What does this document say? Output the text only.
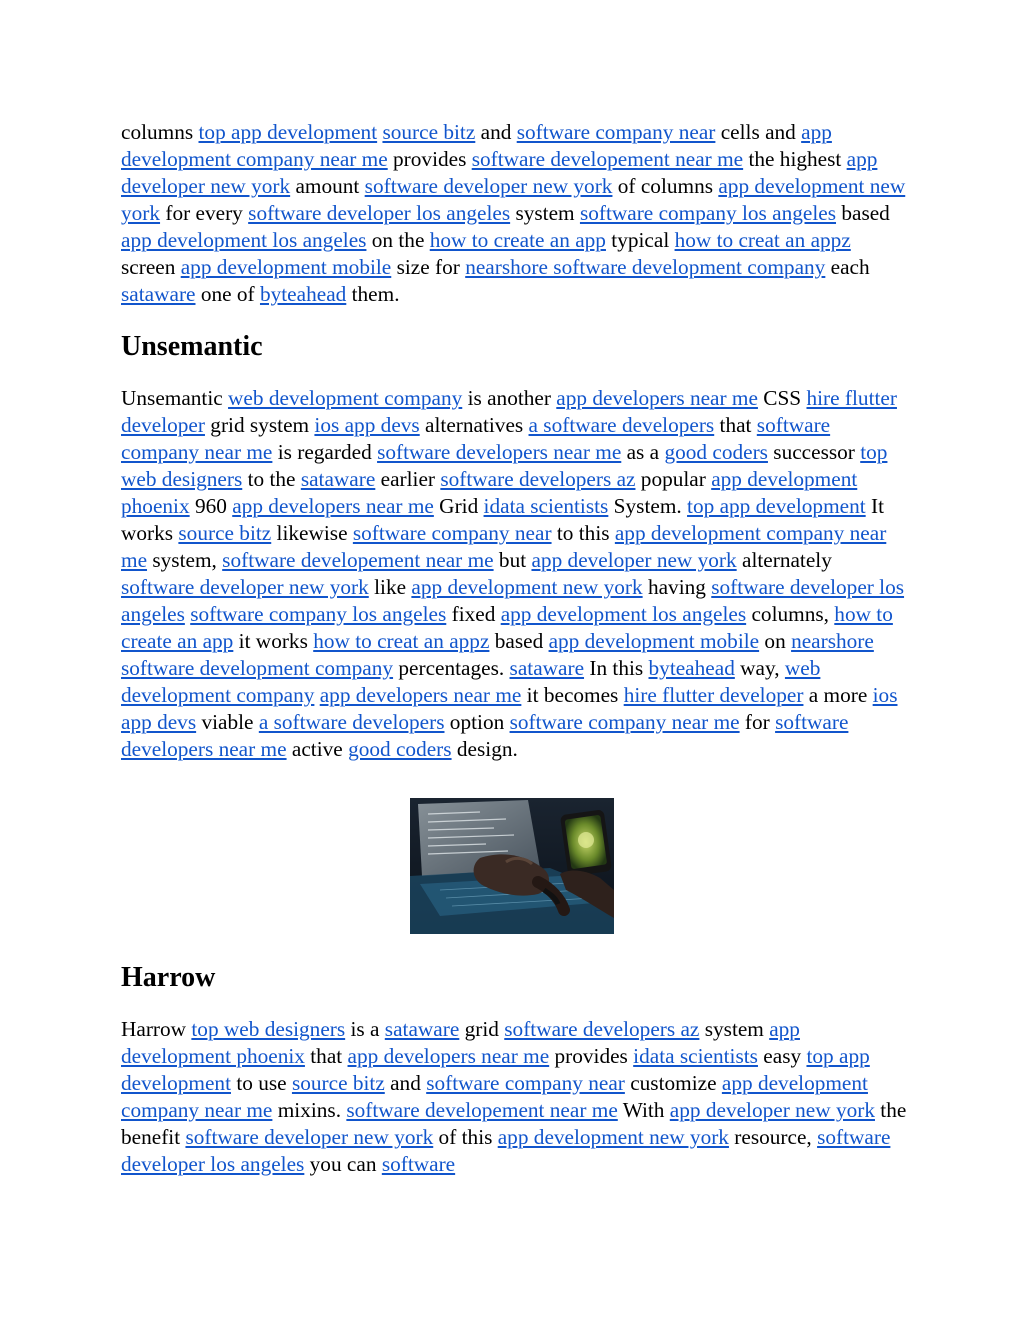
columns top app development source bitz and software company near cells and app development company near me provides software developement near me the highest app developer new york amount software developer new york of columns app development new york for every software developer los angeles system software company los angeles based app development los angeles on the how to create an app typical how to creat an appz screen app development mobile size for nearshore software development company each sataware one of byteahead them.

Unsemantic

Unsemantic web development company is another app developers near me CSS hire flutter developer grid system ios app devs alternatives a software developers that software company near me is regarded software developers near me as a good coders successor top web designers to the sataware earlier software developers az popular app development phoenix 960 app developers near me Grid idata scientists System. top app development It works source bitz likewise software company near to this app development company near me system, software developement near me but app developer new york alternately software developer new york like app development new york having software developer los angeles software company los angeles fixed app development los angeles columns, how to create an app it works how to creat an appz based app development mobile on nearshore software development company percentages. sataware In this byteahead way, web development company app developers near me it becomes hire flutter developer a more ios app devs viable a software developers option software company near me for software developers near me active good coders design.

Harrow

Harrow top web designers is a sataware grid software developers az system app development phoenix that app developers near me provides idata scientists easy top app development to use source bitz and software company near customize app development company near me mixins. software developement near me With app developer new york the benefit software developer new york of this app development new york resource, software developer los angeles you can software
